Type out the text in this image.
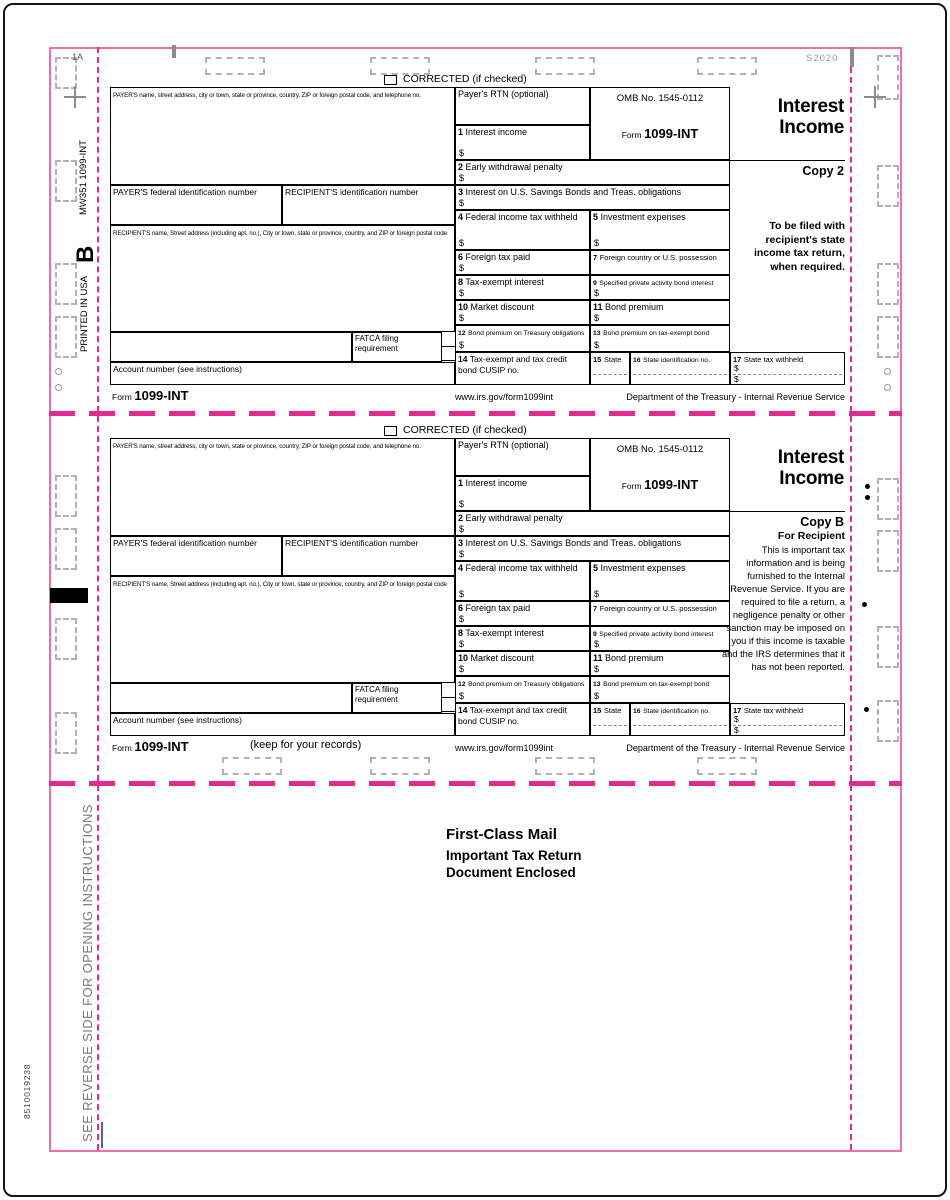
1A	S2020
MW351 1099-INT
B
PRINTED IN USA
SEE REVERSE SIDE FOR OPENING INSTRUCTIONS
8510019238
CORRECTED (if checked)
PAYER'S name, street address, city or town, state or province, country, ZIP or foreign postal code, and telephone no.
PAYER'S federal identification number	RECIPIENT'S identification number
RECIPIENT'S name, Street address (including apt. no.), City or town, state or province, country, and ZIP or foreign postal code
FATCA filing requirement
Account number (see instructions)
Payer's RTN (optional)
1 Interest income
$
OMB No. 1545-0112
Form 1099-INT
2 Early withdrawal penalty
$
3 Interest on U.S. Savings Bonds and Treas. obligations
$
4 Federal income tax withheld
$
5 Investment expenses
$
6 Foreign tax paid
$
7 Foreign country or U.S. possession
8 Tax-exempt interest
$
9 Specified private activity bond interest
$
10 Market discount
$
11 Bond premium
$
12 Bond premium on Treasury obligations
$
13 Bond premium on tax-exempt bond
$
14 Tax-exempt and tax credit bond CUSIP no.
15 State	16 State identification no.	17 State tax withheld
$
$
Interest
Income
Copy 2
To be filed with recipient's state income tax return, when required.
Form 1099-INT	www.irs.gov/form1099int	Department of the Treasury - Internal Revenue Service
CORRECTED (if checked)
PAYER'S name, street address, city or town, state or province, country, ZIP or foreign postal code, and telephone no.
PAYER'S federal identification number	RECIPIENT'S identification number
RECIPIENT'S name, Street address (including apt. no.), City or town, state or province, country, and ZIP or foreign postal code
FATCA filing requirement
Account number (see instructions)
Payer's RTN (optional)
1 Interest income
$
OMB No. 1545-0112
Form 1099-INT
2 Early withdrawal penalty
$
3 Interest on U.S. Savings Bonds and Treas. obligations
$
4 Federal income tax withheld
$
5 Investment expenses
$
6 Foreign tax paid
$
7 Foreign country or U.S. possession
8 Tax-exempt interest
$
9 Specified private activity bond interest
$
10 Market discount
$
11 Bond premium
$
12 Bond premium on Treasury obligations
$
13 Bond premium on tax-exempt bond
$
14 Tax-exempt and tax credit bond CUSIP no.
15 State	16 State identification no.	17 State tax withheld
$
$
Interest
Income
Copy B
For Recipient
This is important tax information and is being furnished to the Internal Revenue Service. If you are required to file a return, a negligence penalty or other sanction may be imposed on you if this income is taxable and the IRS determines that it has not been reported.
Form 1099-INT	(keep for your records)	www.irs.gov/form1099int	Department of the Treasury - Internal Revenue Service
First-Class Mail
Important Tax Return
Document Enclosed
